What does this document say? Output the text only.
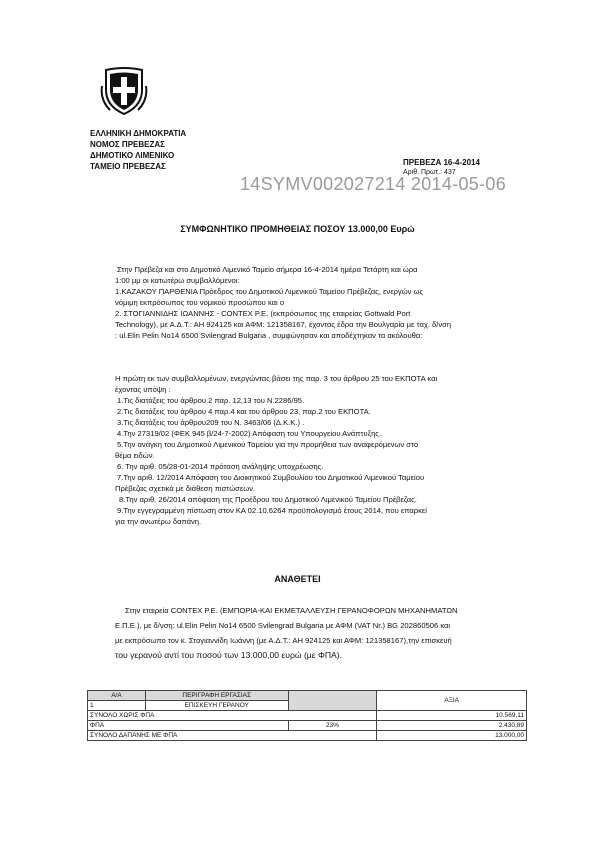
ΕΛΛΗΝΙΚΗ ΔΗΜΟΚΡΑΤΙΑ
ΝΟΜΟΣ ΠΡΕΒΕΖΑΣ
ΔΗΜΟΤΙΚΟ ΛΙΜΕΝΙΚΟ
ΤΑΜΕΙΟ ΠΡΕΒΕΖΑΣ	ΠΡΕΒΕΖΑ 16-4-2014
Αριθ. Πρωτ.: 437
14SYMV002027214 2014-05-06
ΣΥΜΦΩΝΗΤΙΚΟ ΠΡΟΜΗΘΕΙΑΣ ΠΟΣΟΥ 13.000,00 Ευρώ
Στην Πρέβεζα και στο Δημοτικό Λιμενικό Ταμείο σήμερα 16-4-2014 ημέρα Τετάρτη και ώρα
1:00 μμ οι κατωτέρω συμβαλλόμενοι:
1.ΚΑΖΑΚΟΥ ΠΑΡΘΕΝΙΑ Πρόεδρος του Δημοτικού Λιμενικού Ταμείου Πρέβεζας, ενεργών ως
νόμιμη εκπρόσωπος του νομικού προσώπου και ο
2. ΣΤΟΓΙΑΝΝΙΔΗΣ ΙΩΑΝΝΗΣ - CONTEX Ρ.Ε. (εκπρόσωπος της εταιρείας Gottwald Port
Technology), με Α.Δ.Τ.: ΑΗ 924125 και ΑΦΜ: 121358167, έχοντας έδρα την Βουλγαρία με ταχ. δ/νση
: ul.Elin Pelin No14 6500 Svilengrad Bulgaria , συμφώνησαν και αποδέχτηκαν τα ακόλουθα:
Η πρώτη εκ των συμβαλλομένων, ενεργώντας βάσει της παρ. 3 του άρθρου 25 του ΕΚΠΟΤΑ και
έχοντας υπόψη :
1.Τις διατάξεις του άρθρου 2 παρ. 12,13 του Ν.2286/95.
2.Τις διατάξεις του άρθρου 4 παρ.4 και του άρθρου 23, παρ.2 του ΕΚΠΟΤΑ.
3.Τις διατάξεις του άρθρου209 του Ν. 3463/06 (Δ.Κ.Κ.) .
4.Την 27319/02 (ΦΕΚ 945 β/24-7-2002) Απόφαση του Υπουργείου Ανάπτυξης.
5.Την ανάγκη του Δημοτικού Λιμενικού Ταμείου για την προμήθεια των αναφερόμενων στο
θέμα ειδών.
6. Την αριθ. 05/28-01-2014 πρόταση ανάληψης υποχρέωσης.
7.Την αριθ. 12/2014 Απόφαση του Διοικητικού Συμβουλίου του Δημοτικού Λιμενικού Ταμείου
Πρέβεζας σχετικά με διάθεση πιστώσεων.
8.Την αριθ. 26/2014 απόφαση της Προέδρου του Δημοτικού Λιμενικού Ταμείου Πρέβεζας.
9.Την εγγεγραμμένη πίστωση στον ΚΑ 02.10.6264 προϋπολογισμό έτους 2014, που επαρκεί
για την ανωτέρω δαπάνη.
ΑΝΑΘΕΤΕΙ
Στην εταιρεία CONTEX Ρ.Ε. (ΕΜΠΟΡΙΑ-ΚΑΙ ΕΚΜΕΤΑΛΛΕΥΣΗ ΓΕΡΑΝΟΦΟΡΩΝ ΜΗΧΑΝΗΜΑΤΩΝ
Ε.Π.Ε.), με δ/νση: ul.Elin Pelin No14 6500 Svilengrad Bulgaria με ΑΦΜ (VAT Nr.) BG 202860506 και
με εκπρόσωπο τον κ. Στογιαννίδη Ιωάννη (με Α.Δ.Τ.: ΑΗ 924125 και ΑΦΜ: 121358167),την επισκευή
του γερανού αντί του ποσού των 13.000,00 ευρώ (με ΦΠΑ).
Α/Α	ΠΕΡΙΓΡΑΦΗ ΕΡΓΑΣΙΑΣ		ΑΞΙΑ
1	ΕΠΙΣΚΕΥΗ ΓΕΡΑΝΟΥ		
ΣΥΝΟΛΟ ΧΩΡΙΣ ΦΠΑ			10.569,11
ΦΠΑ		23%	2.430,89
ΣΥΝΟΛΟ ΔΑΠΑΝΗΣ ΜΕ ΦΠΑ			13.000,00
